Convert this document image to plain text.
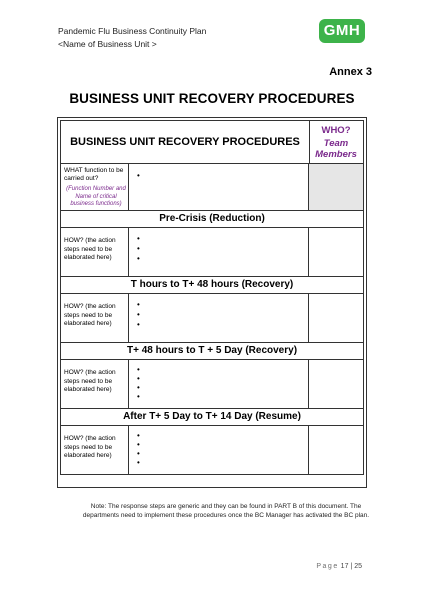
Pandemic Flu Business Continuity Plan
<Name of Business Unit >
GMH
Annex 3
BUSINESS UNIT RECOVERY PROCEDURES
BUSINESS UNIT RECOVERY PROCEDURES
WHO?
Team
Members
WHAT function to be carried out?
(Function Number and Name of critical business functions)
•
Pre-Crisis (Reduction)
HOW? (the action steps need to be elaborated here)
•
•
•
T hours to T+ 48 hours (Recovery)
HOW? (the action steps need to be elaborated here)
•
•
•
T+ 48 hours to T + 5 Day (Recovery)
HOW? (the action steps need to be elaborated here)
•
•
•
•
After T+ 5 Day to T+ 14 Day (Resume)
HOW? (the action steps need to be elaborated here)
•
•
•
•
Note: The response steps are generic and they can be found in PART B of this document. The departments need to implement these procedures once the BC Manager has activated the BC plan.
Page 17 | 25
